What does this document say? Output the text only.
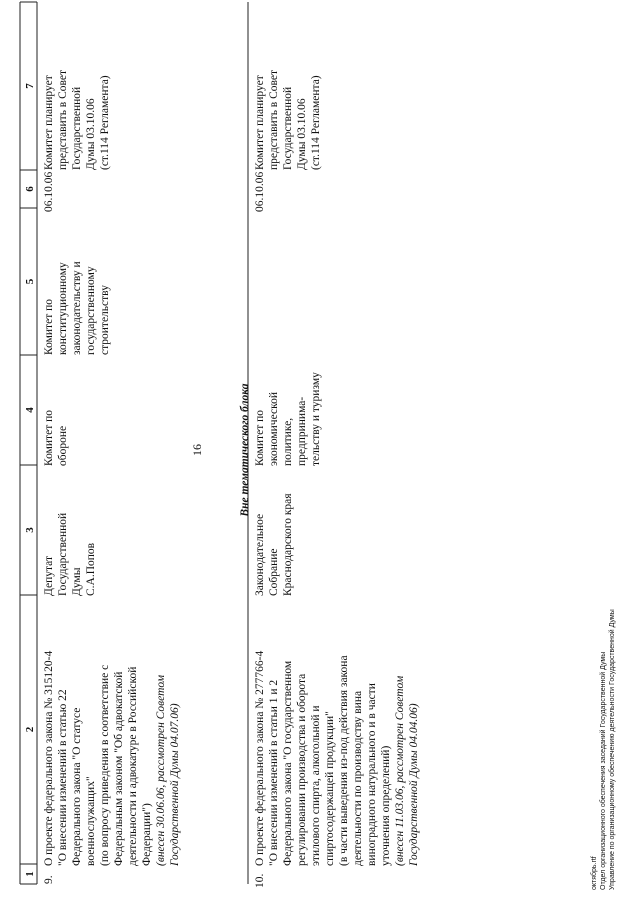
16
1
2
3
4
5
6
7
9.
О проекте федерального закона № 315120-4 "О внесении изменений в статью 22 Федерального закона "О статусе военнослужащих" (по вопросу приведения в соответствие с Федеральным законом "Об адвокатской деятельности и адвокатуре в Российской Федерации") (внесен 30.06.06, рассмотрен Советом Государственной Думы 04.07.06)
Депутат Государственной Думы С.А.Попов
Комитет по обороне
Комитет по конституционному законодательству и государственному строительству
06.10.06
Комитет планирует представить в Совет Государственной Думы 03.10.06 (ст.114 Регламента)
Вне тематического блока
10.
О проекте федерального закона № 277766-4 "О внесении изменений в статьи 1 и 2 Федерального закона "О государственном регулировании производства и оборота этилового спирта, алкогольной и спиртосодержащей продукции" (в части выведения из-под действия закона деятельности по производству вина винограднoго натурального и в части уточнения определений) (внесен 11.03.06, рассмотрен Советом Государственной Думы 04.04.06)
Законодательное Собрание Краснодарского края
Комитет по экономической политике, предпринима- тельству и туризму
06.10.06
Комитет планирует представить в Совет Государственной Думы 03.10.06 (ст.114 Регламента)
октябрь.rtf Отдел организационного обеспечения заседаний Государственной Думы Управление по организационному обеспечению деятельности Государственной Думы
